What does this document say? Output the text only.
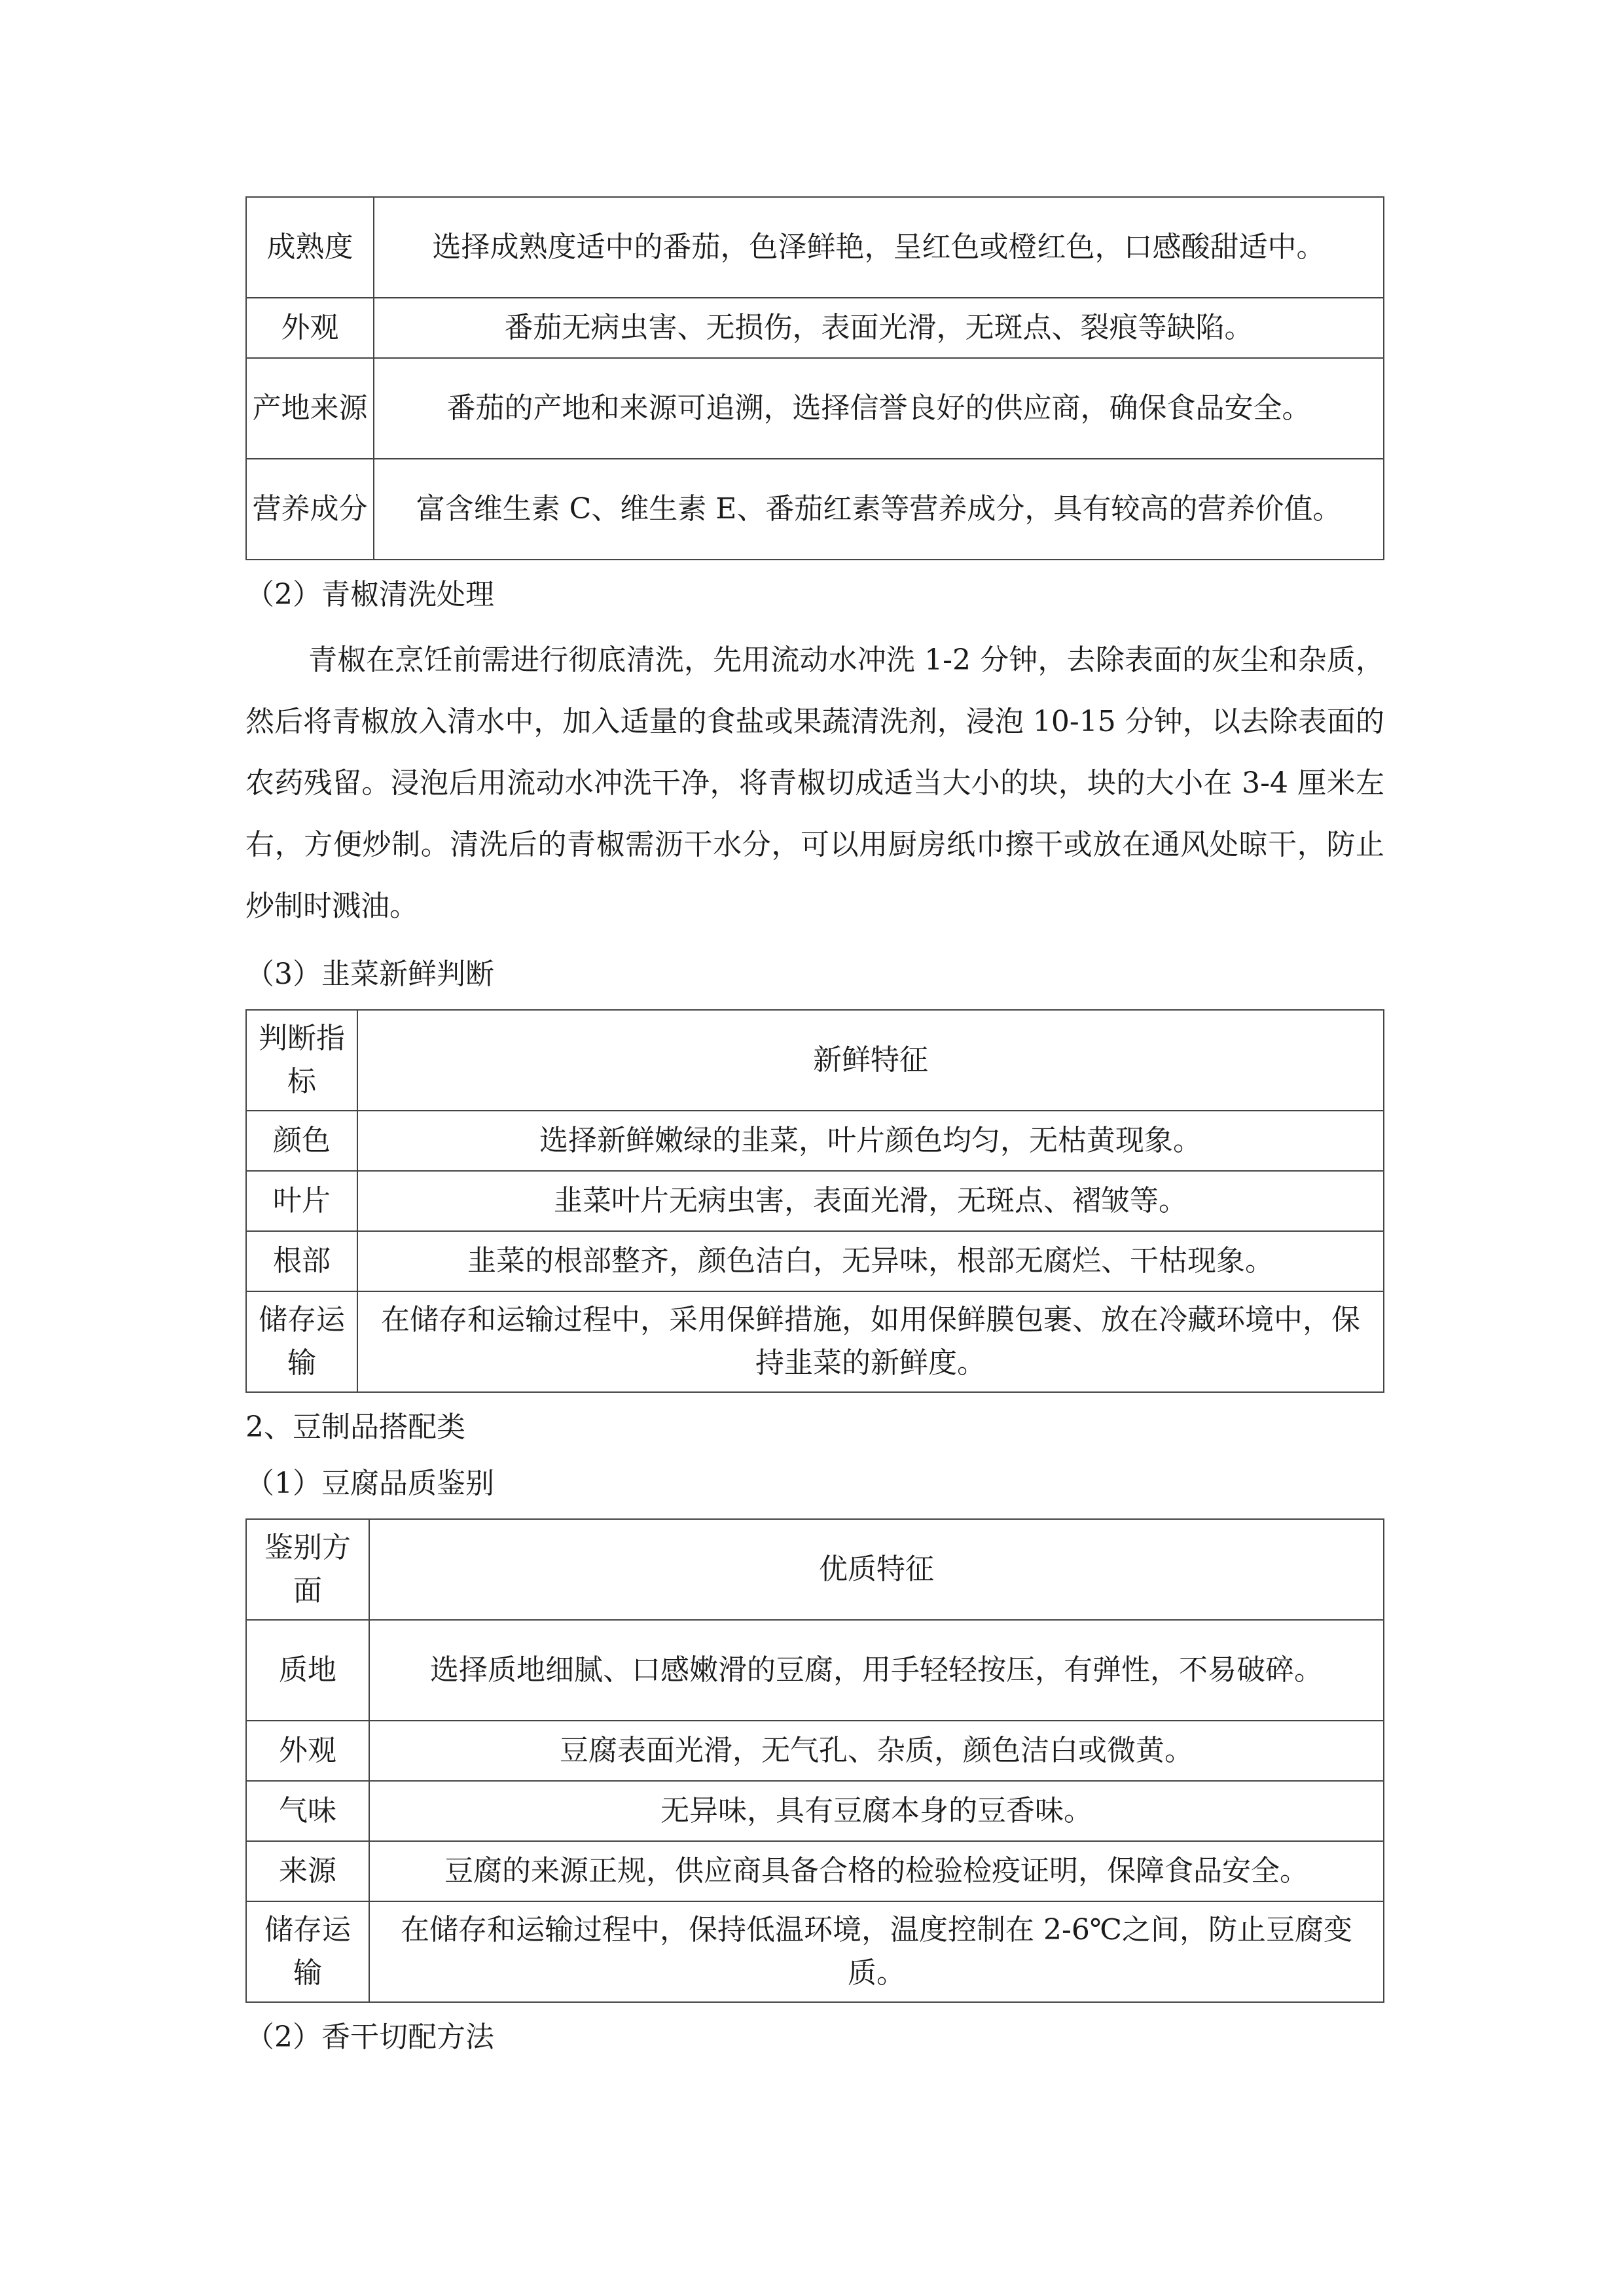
成熟度	选择成熟度适中的番茄，色泽鲜艳，呈红色或橙红色，口感酸甜适中。
外观	番茄无病虫害、无损伤，表面光滑，无斑点、裂痕等缺陷。
产地来源	番茄的产地和来源可追溯，选择信誉良好的供应商，确保食品安全。
营养成分	富含维生素 C、维生素 E、番茄红素等营养成分，具有较高的营养价值。

（2）青椒清洗处理

青椒在烹饪前需进行彻底清洗，先用流动水冲洗 1-2 分钟，去除表面的灰尘和杂质，然后将青椒放入清水中，加入适量的食盐或果蔬清洗剂，浸泡 10-15 分钟，以去除表面的农药残留。浸泡后用流动水冲洗干净，将青椒切成适当大小的块，块的大小在 3-4 厘米左右，方便炒制。清洗后的青椒需沥干水分，可以用厨房纸巾擦干或放在通风处晾干，防止炒制时溅油。

（3）韭菜新鲜判断

判断指标	新鲜特征
颜色	选择新鲜嫩绿的韭菜，叶片颜色均匀，无枯黄现象。
叶片	韭菜叶片无病虫害，表面光滑，无斑点、褶皱等。
根部	韭菜的根部整齐，颜色洁白，无异味，根部无腐烂、干枯现象。
储存运输	在储存和运输过程中，采用保鲜措施，如用保鲜膜包裹、放在冷藏环境中，保持韭菜的新鲜度。

2、豆制品搭配类

（1）豆腐品质鉴别

鉴别方面	优质特征
质地	选择质地细腻、口感嫩滑的豆腐，用手轻轻按压，有弹性，不易破碎。
外观	豆腐表面光滑，无气孔、杂质，颜色洁白或微黄。
气味	无异味，具有豆腐本身的豆香味。
来源	豆腐的来源正规，供应商具备合格的检验检疫证明，保障食品安全。
储存运输	在储存和运输过程中，保持低温环境，温度控制在 2-6℃之间，防止豆腐变质。

（2）香干切配方法
